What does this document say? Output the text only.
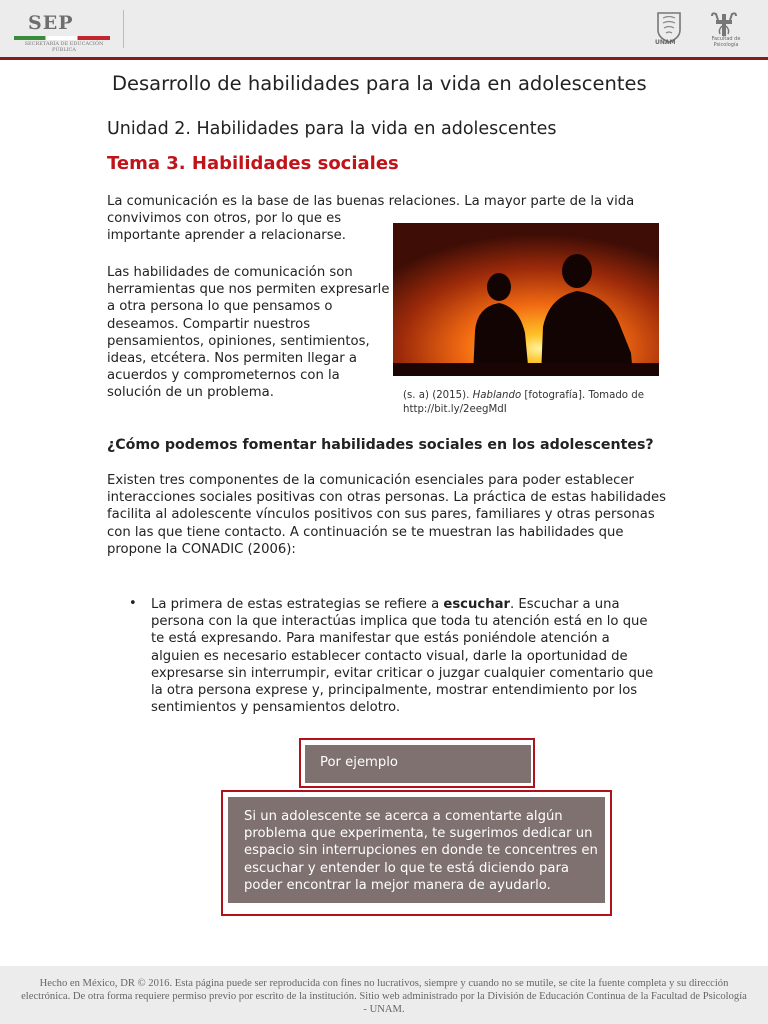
SEP
SECRETARÍA DE EDUCACIÓN PÚBLICA
UNAM	Facultad de Psicología
Desarrollo de habilidades para la vida en adolescentes
Unidad 2. Habilidades para la vida en adolescentes
Tema 3. Habilidades sociales

La comunicación es la base de las buenas relaciones. La mayor parte de la vida

convivimos con otros, por lo que es importante aprender a relacionarse.

Las habilidades de comunicación son herramientas que nos permiten expresarle a otra persona lo que pensamos o deseamos. Compartir nuestros pensamientos, opiniones, sentimientos, ideas, etcétera. Nos permiten llegar a acuerdos y comprometernos con la solución de un problema.	(s. a) (2015). Hablando [fotografía]. Tomado de http://bit.ly/2eegMdI
¿Cómo podemos fomentar habilidades sociales en los adolescentes?

Existen tres componentes de la comunicación esenciales para poder establecer interacciones sociales positivas con otras personas. La práctica de estas habilidades facilita al adolescente vínculos positivos con sus pares, familiares y otras personas con las que tiene contacto. A continuación se te muestran las habilidades que propone la CONADIC (2006):

• La primera de estas estrategias se refiere a escuchar. Escuchar a una persona con la que interactúas implica que toda tu atención está en lo que te está expresando. Para manifestar que estás poniéndole atención a alguien es necesario establecer contacto visual, darle la oportunidad de expresarse sin interrumpir, evitar criticar o juzgar cualquier comentario que la otra persona exprese y, principalmente, mostrar entendimiento por los sentimientos y pensamientos delotro.

Por ejemplo

Si un adolescente se acerca a comentarte algún problema que experimenta, te sugerimos dedicar un espacio sin interrupciones en donde te concentres en escuchar y entender lo que te está diciendo para poder encontrar la mejor manera de ayudarlo.

Hecho en México, DR © 2016. Esta página puede ser reproducida con fines no lucrativos, siempre y cuando no se mutile, se cite la fuente completa y su dirección electrónica. De otra forma requiere permiso previo por escrito de la institución. Sitio web administrado por la División de Educación Continua de la Facultad de Psicología - UNAM.
